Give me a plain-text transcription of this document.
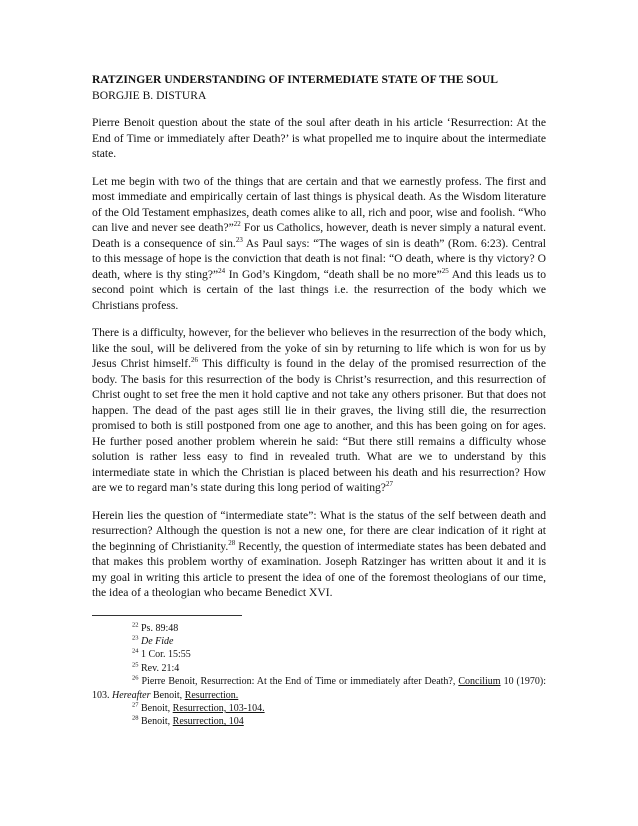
RATZINGER UNDERSTANDING OF INTERMEDIATE STATE OF THE SOUL
BORGJIE B. DISTURA

Pierre Benoit question about the state of the soul after death in his article ‘Resurrection: At the End of Time or immediately after Death?’ is what propelled me to inquire about the intermediate state.

Let me begin with two of the things that are certain and that we earnestly profess. The first and most immediate and empirically certain of last things is physical death. As the Wisdom literature of the Old Testament emphasizes, death comes alike to all, rich and poor, wise and foolish. “Who can live and never see death?”$^{22}$ For us Catholics, however, death is never simply a natural event. Death is a consequence of sin.$^{23}$ As Paul says: “The wages of sin is death” (Rom. 6:23). Central to this message of hope is the conviction that death is not final: “O death, where is thy victory? O death, where is thy sting?”$^{24}$ In God’s Kingdom, “death shall be no more”$^{25}$ And this leads us to second point which is certain of the last things i.e. the resurrection of the body which we Christians profess.

There is a difficulty, however, for the believer who believes in the resurrection of the body which, like the soul, will be delivered from the yoke of sin by returning to life which is won for us by Jesus Christ himself.$^{26}$ This difficulty is found in the delay of the promised resurrection of the body. The basis for this resurrection of the body is Christ’s resurrection, and this resurrection of Christ ought to set free the men it hold captive and not take any others prisoner. But that does not happen. The dead of the past ages still lie in their graves, the living still die, the resurrection promised to both is still postponed from one age to another, and this has been going on for ages. He further posed another problem wherein he said: “But there still remains a difficulty whose solution is rather less easy to find in revealed truth. What are we to understand by this intermediate state in which the Christian is placed between his death and his resurrection? How are we to regard man’s state during this long period of waiting?$^{27}$

Herein lies the question of “intermediate state”: What is the status of the self between death and resurrection? Although the question is not a new one, for there are clear indication of it right at the beginning of Christianity.$^{28}$ Recently, the question of intermediate states has been debated and that makes this problem worthy of examination. Joseph Ratzinger has written about it and it is my goal in writing this article to present the idea of one of the foremost theologians of our time, the idea of a theologian who became Benedict XVI.

$^{22}$ Ps. 89:48

$^{23}$ De Fide

$^{24}$ 1 Cor. 15:55

$^{25}$ Rev. 21:4

$^{26}$ Pierre Benoit, Resurrection: At the End of Time or immediately after Death?, Concilium 10 (1970): 103. Hereafter Benoit, Resurrection.

$^{27}$ Benoit, Resurrection, 103-104.

$^{28}$ Benoit, Resurrection, 104
